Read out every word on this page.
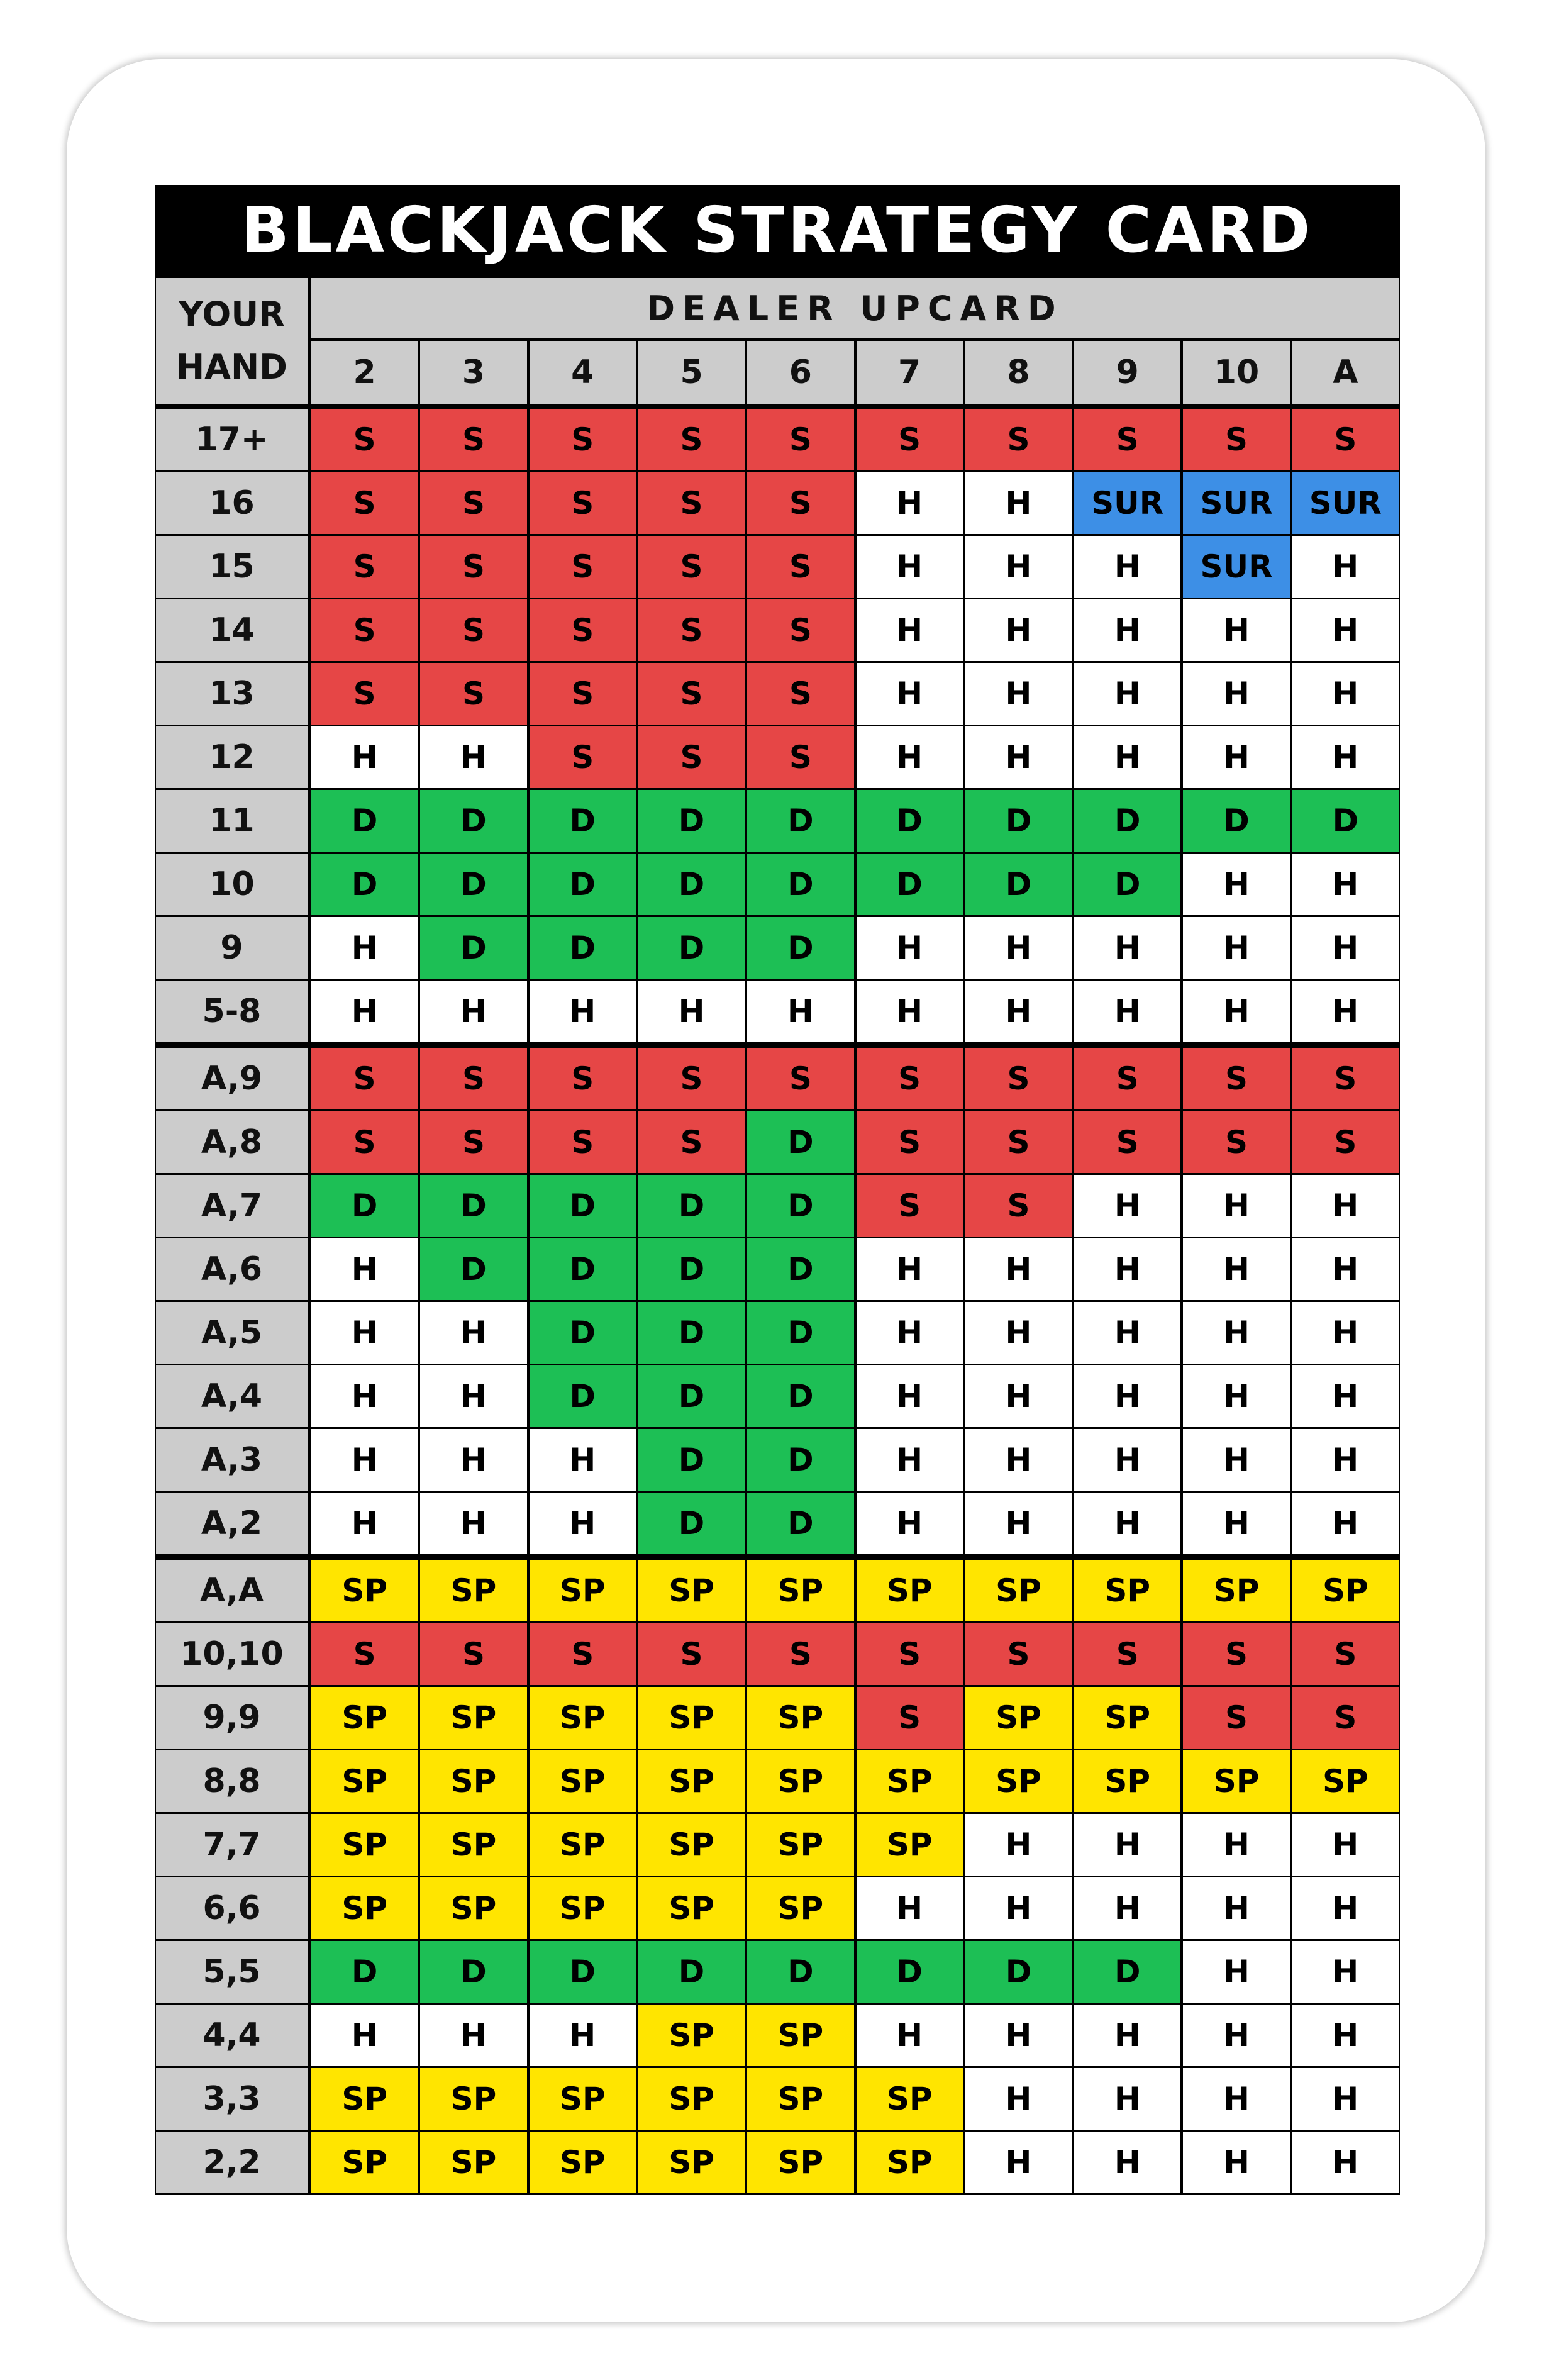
BLACKJACK STRATEGY CARD
YOUR
HAND
DEALER UPCARD
2	3	4	5	6	7	8	9	10	A
17+	S	S	S	S	S	S	S	S	S	S
16	S	S	S	S	S	H	H	SUR	SUR	SUR
15	S	S	S	S	S	H	H	H	SUR	H
14	S	S	S	S	S	H	H	H	H	H
13	S	S	S	S	S	H	H	H	H	H
12	H	H	S	S	S	H	H	H	H	H
11	D	D	D	D	D	D	D	D	D	D
10	D	D	D	D	D	D	D	D	H	H
9	H	D	D	D	D	H	H	H	H	H
5-8	H	H	H	H	H	H	H	H	H	H
A,9	S	S	S	S	S	S	S	S	S	S
A,8	S	S	S	S	D	S	S	S	S	S
A,7	D	D	D	D	D	S	S	H	H	H
A,6	H	D	D	D	D	H	H	H	H	H
A,5	H	H	D	D	D	H	H	H	H	H
A,4	H	H	D	D	D	H	H	H	H	H
A,3	H	H	H	D	D	H	H	H	H	H
A,2	H	H	H	D	D	H	H	H	H	H
A,A	SP	SP	SP	SP	SP	SP	SP	SP	SP	SP
10,10	S	S	S	S	S	S	S	S	S	S
9,9	SP	SP	SP	SP	SP	S	SP	SP	S	S
8,8	SP	SP	SP	SP	SP	SP	SP	SP	SP	SP
7,7	SP	SP	SP	SP	SP	SP	H	H	H	H
6,6	SP	SP	SP	SP	SP	H	H	H	H	H
5,5	D	D	D	D	D	D	D	D	H	H
4,4	H	H	H	SP	SP	H	H	H	H	H
3,3	SP	SP	SP	SP	SP	SP	H	H	H	H
2,2	SP	SP	SP	SP	SP	SP	H	H	H	H
